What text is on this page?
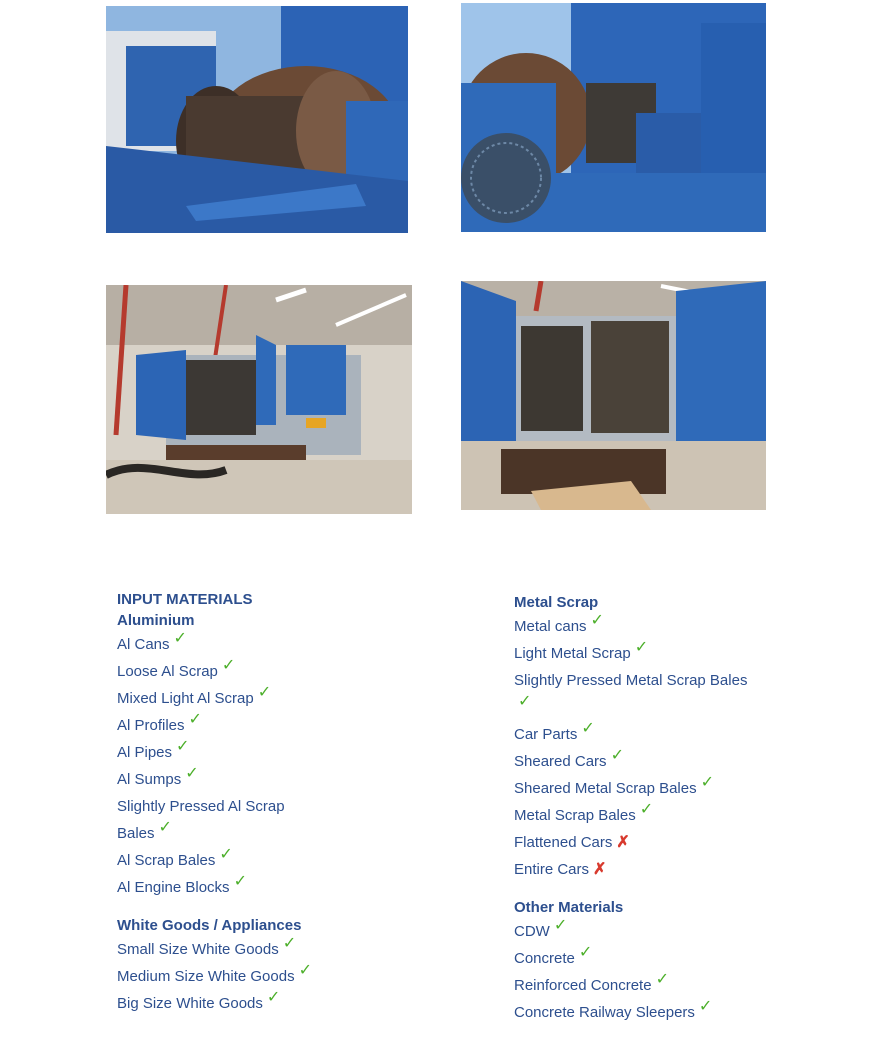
INPUT MATERIALS
Aluminium
Al Cans ✓
Loose Al Scrap ✓
Mixed Light Al Scrap ✓
Al Profiles ✓
Al Pipes ✓
Al Sumps ✓
Slightly Pressed Al Scrap
Bales ✓
Al Scrap Bales ✓
Al Engine Blocks ✓
White Goods / Appliances
Small Size White Goods ✓
Medium Size White Goods ✓
Big Size White Goods ✓
Metal Scrap
Metal cans ✓
Light Metal Scrap ✓
Slightly Pressed Metal Scrap Bales
✓
Car Parts ✓
Sheared Cars ✓
Sheared Metal Scrap Bales ✓
Metal Scrap Bales ✓
Flattened Cars ✗
Entire Cars ✗
Other Materials
CDW ✓
Concrete ✓
Reinforced Concrete ✓
Concrete Railway Sleepers ✓
